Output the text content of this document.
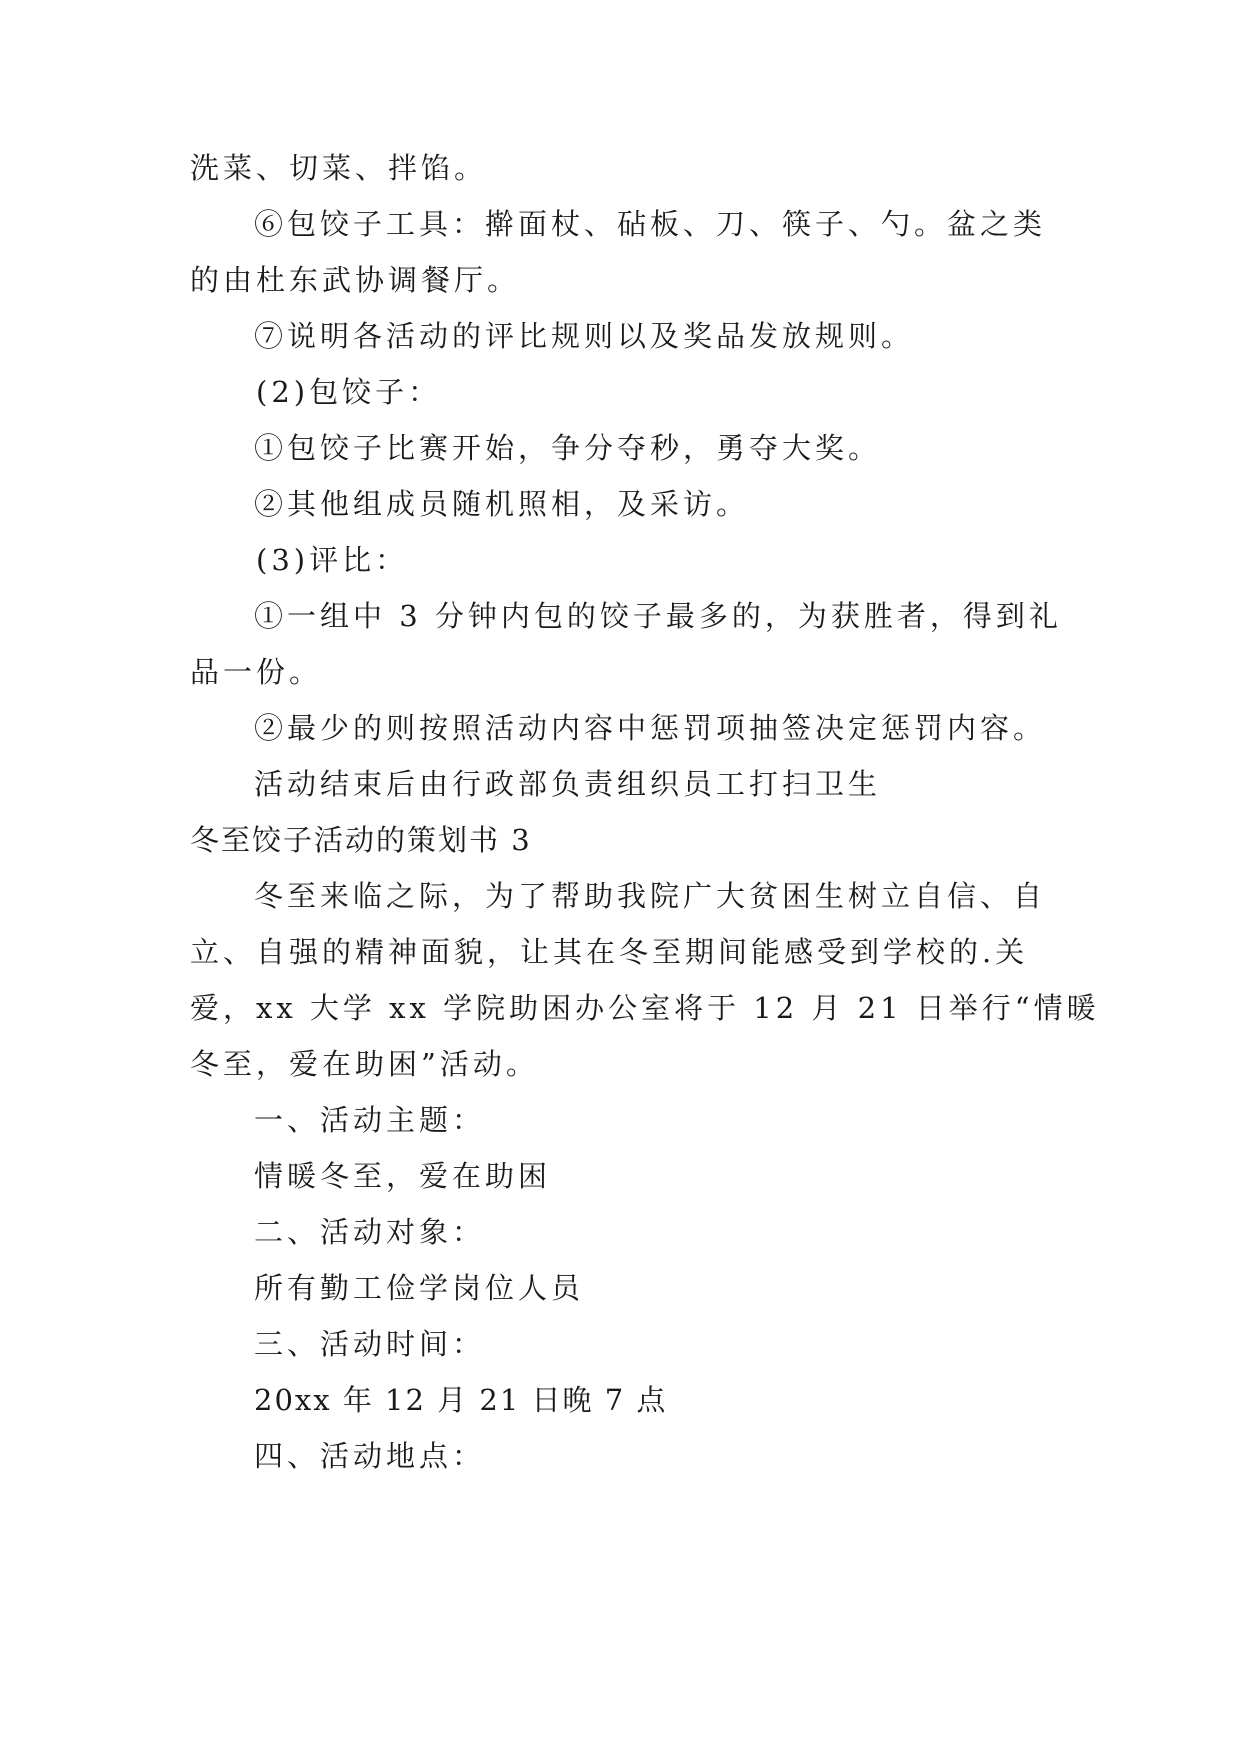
洗菜、切菜、拌馅。
⑥包饺子工具：擀面杖、砧板、刀、筷子、勺。盆之类
的由杜东武协调餐厅。
⑦说明各活动的评比规则以及奖品发放规则。
(2)包饺子：
①包饺子比赛开始，争分夺秒，勇夺大奖。
②其他组成员随机照相，及采访。
(3)评比：
①一组中 3 分钟内包的饺子最多的，为获胜者，得到礼
品一份。
②最少的则按照活动内容中惩罚项抽签决定惩罚内容。
活动结束后由行政部负责组织员工打扫卫生
冬至饺子活动的策划书 3
冬至来临之际，为了帮助我院广大贫困生树立自信、自
立、自强的精神面貌，让其在冬至期间能感受到学校的.关
爱，xx 大学 xx 学院助困办公室将于 12 月 21 日举行“情暖
冬至，爱在助困”活动。
一、活动主题：
情暖冬至，爱在助困
二、活动对象：
所有勤工俭学岗位人员
三、活动时间：
20xx 年 12 月 21 日晚 7 点
四、活动地点：
